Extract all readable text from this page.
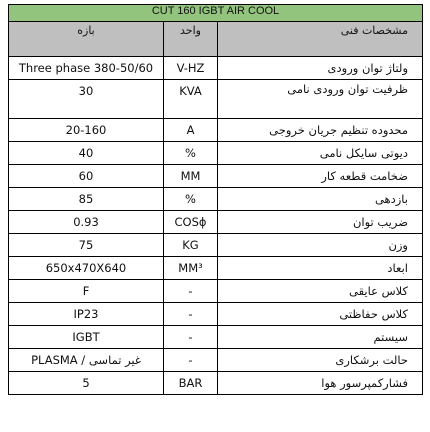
CUT 160 IGBT AIR COOL		
بازه	واحد	مشخصات فنی
Three phase 380-50/60	V-HZ	ولتاژ توان ورودی
30	KVA	ظرفیت توان ورودی نامی
20-160	A	محدوده تنظیم جریان خروجی
40	%	دیوتی سایکل نامی
60	MM	ضخامت قطعه کار
85	%	بازدهی
0.93	COSɸ	ضریب توان
75	KG	وزن
650x470X640	MM³	ابعاد
F	-	کلاس عایقی
IP23	-	کلاس حفاظتی
IGBT	-	سیستم
PLASMA / غیر تماسی	-	حالت برشکاری
5	BAR	فشارکمپرسور هوا
